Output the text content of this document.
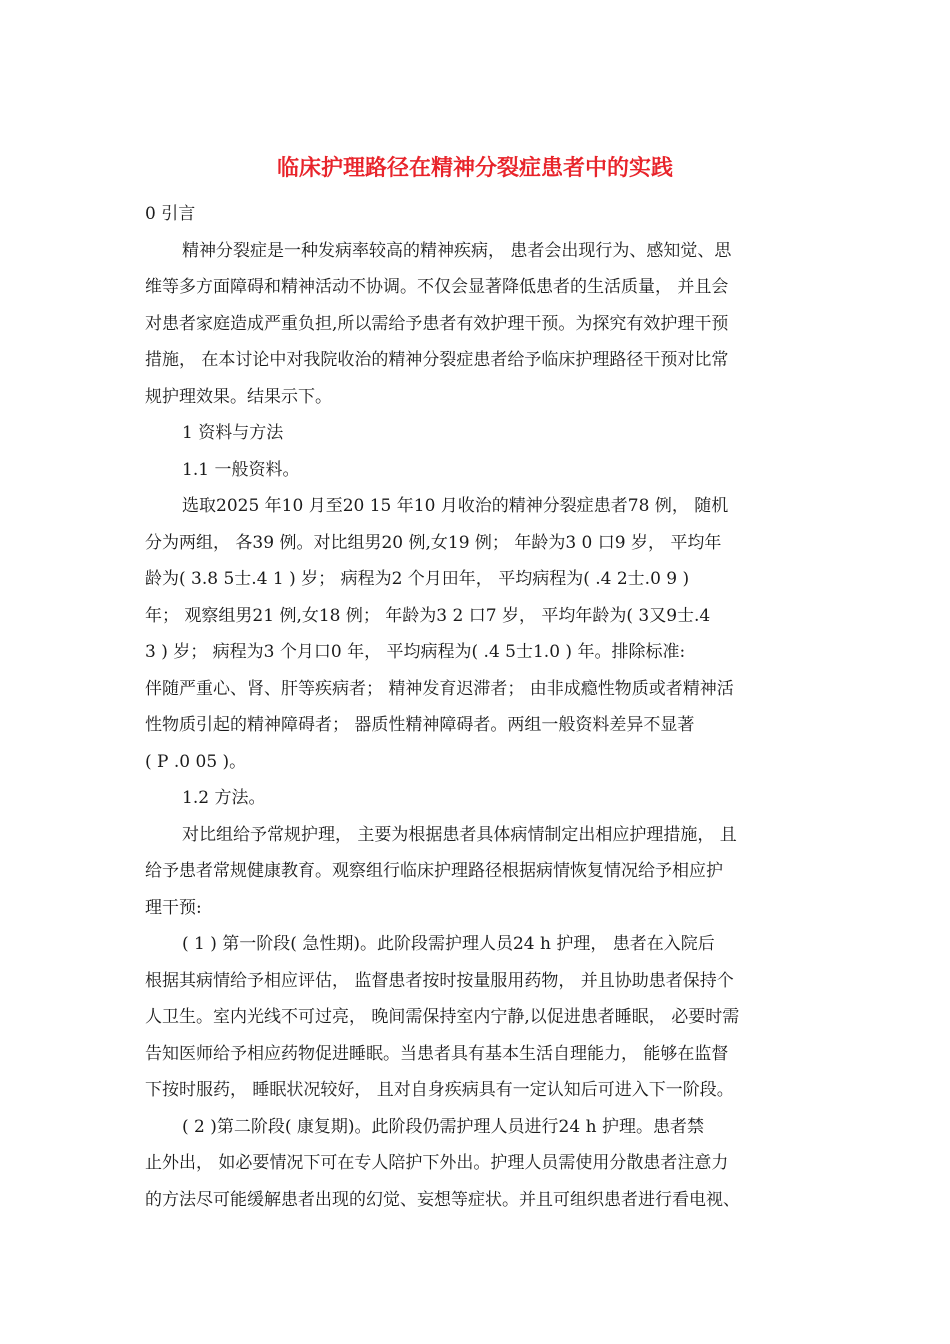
临床护理路径在精神分裂症患者中的实践
0 引言
精神分裂症是一种发病率较高的精神疾病， 患者会出现行为、感知觉、思
维等多方面障碍和精神活动不协调。不仅会显著降低患者的生活质量， 并且会
对患者家庭造成严重负担,所以需给予患者有效护理干预。为探究有效护理干预
措施， 在本讨论中对我院收治的精神分裂症患者给予临床护理路径干预对比常
规护理效果。结果示下。
1 资料与方法
1.1 一般资料。
选取2025 年10 月至20 15 年10 月收治的精神分裂症患者78 例， 随机
分为两组， 各39 例。对比组男20 例,女19 例； 年龄为3 0 口9 岁， 平均年
龄为( 3.8 5士.4 1 ) 岁； 病程为2 个月田年， 平均病程为( .4 2士.0 9 )
年； 观察组男21 例,女18 例； 年龄为3 2 口7 岁， 平均年龄为( 3又9士.4
3 ) 岁； 病程为3 个月口0 年， 平均病程为( .4 5士1.0 ) 年。排除标准:
伴随严重心、肾、肝等疾病者； 精神发育迟滞者； 由非成瘾性物质或者精神活
性物质引起的精神障碍者； 器质性精神障碍者。两组一般资料差异不显著
( P .0 05 )。
1.2 方法。
对比组给予常规护理， 主要为根据患者具体病情制定出相应护理措施， 且
给予患者常规健康教育。观察组行临床护理路径根据病情恢复情况给予相应护
理干预:
( 1 ) 第一阶段( 急性期)。此阶段需护理人员24 h 护理， 患者在入院后
根据其病情给予相应评估， 监督患者按时按量服用药物， 并且协助患者保持个
人卫生。室内光线不可过亮， 晚间需保持室内宁静,以促进患者睡眠， 必要时需
告知医师给予相应药物促进睡眠。当患者具有基本生活自理能力， 能够在监督
下按时服药， 睡眠状况较好， 且对自身疾病具有一定认知后可进入下一阶段。
( 2 )第二阶段( 康复期)。此阶段仍需护理人员进行24 h 护理。患者禁
止外出， 如必要情况下可在专人陪护下外出。护理人员需使用分散患者注意力
的方法尽可能缓解患者出现的幻觉、妄想等症状。并且可组织患者进行看电视、
